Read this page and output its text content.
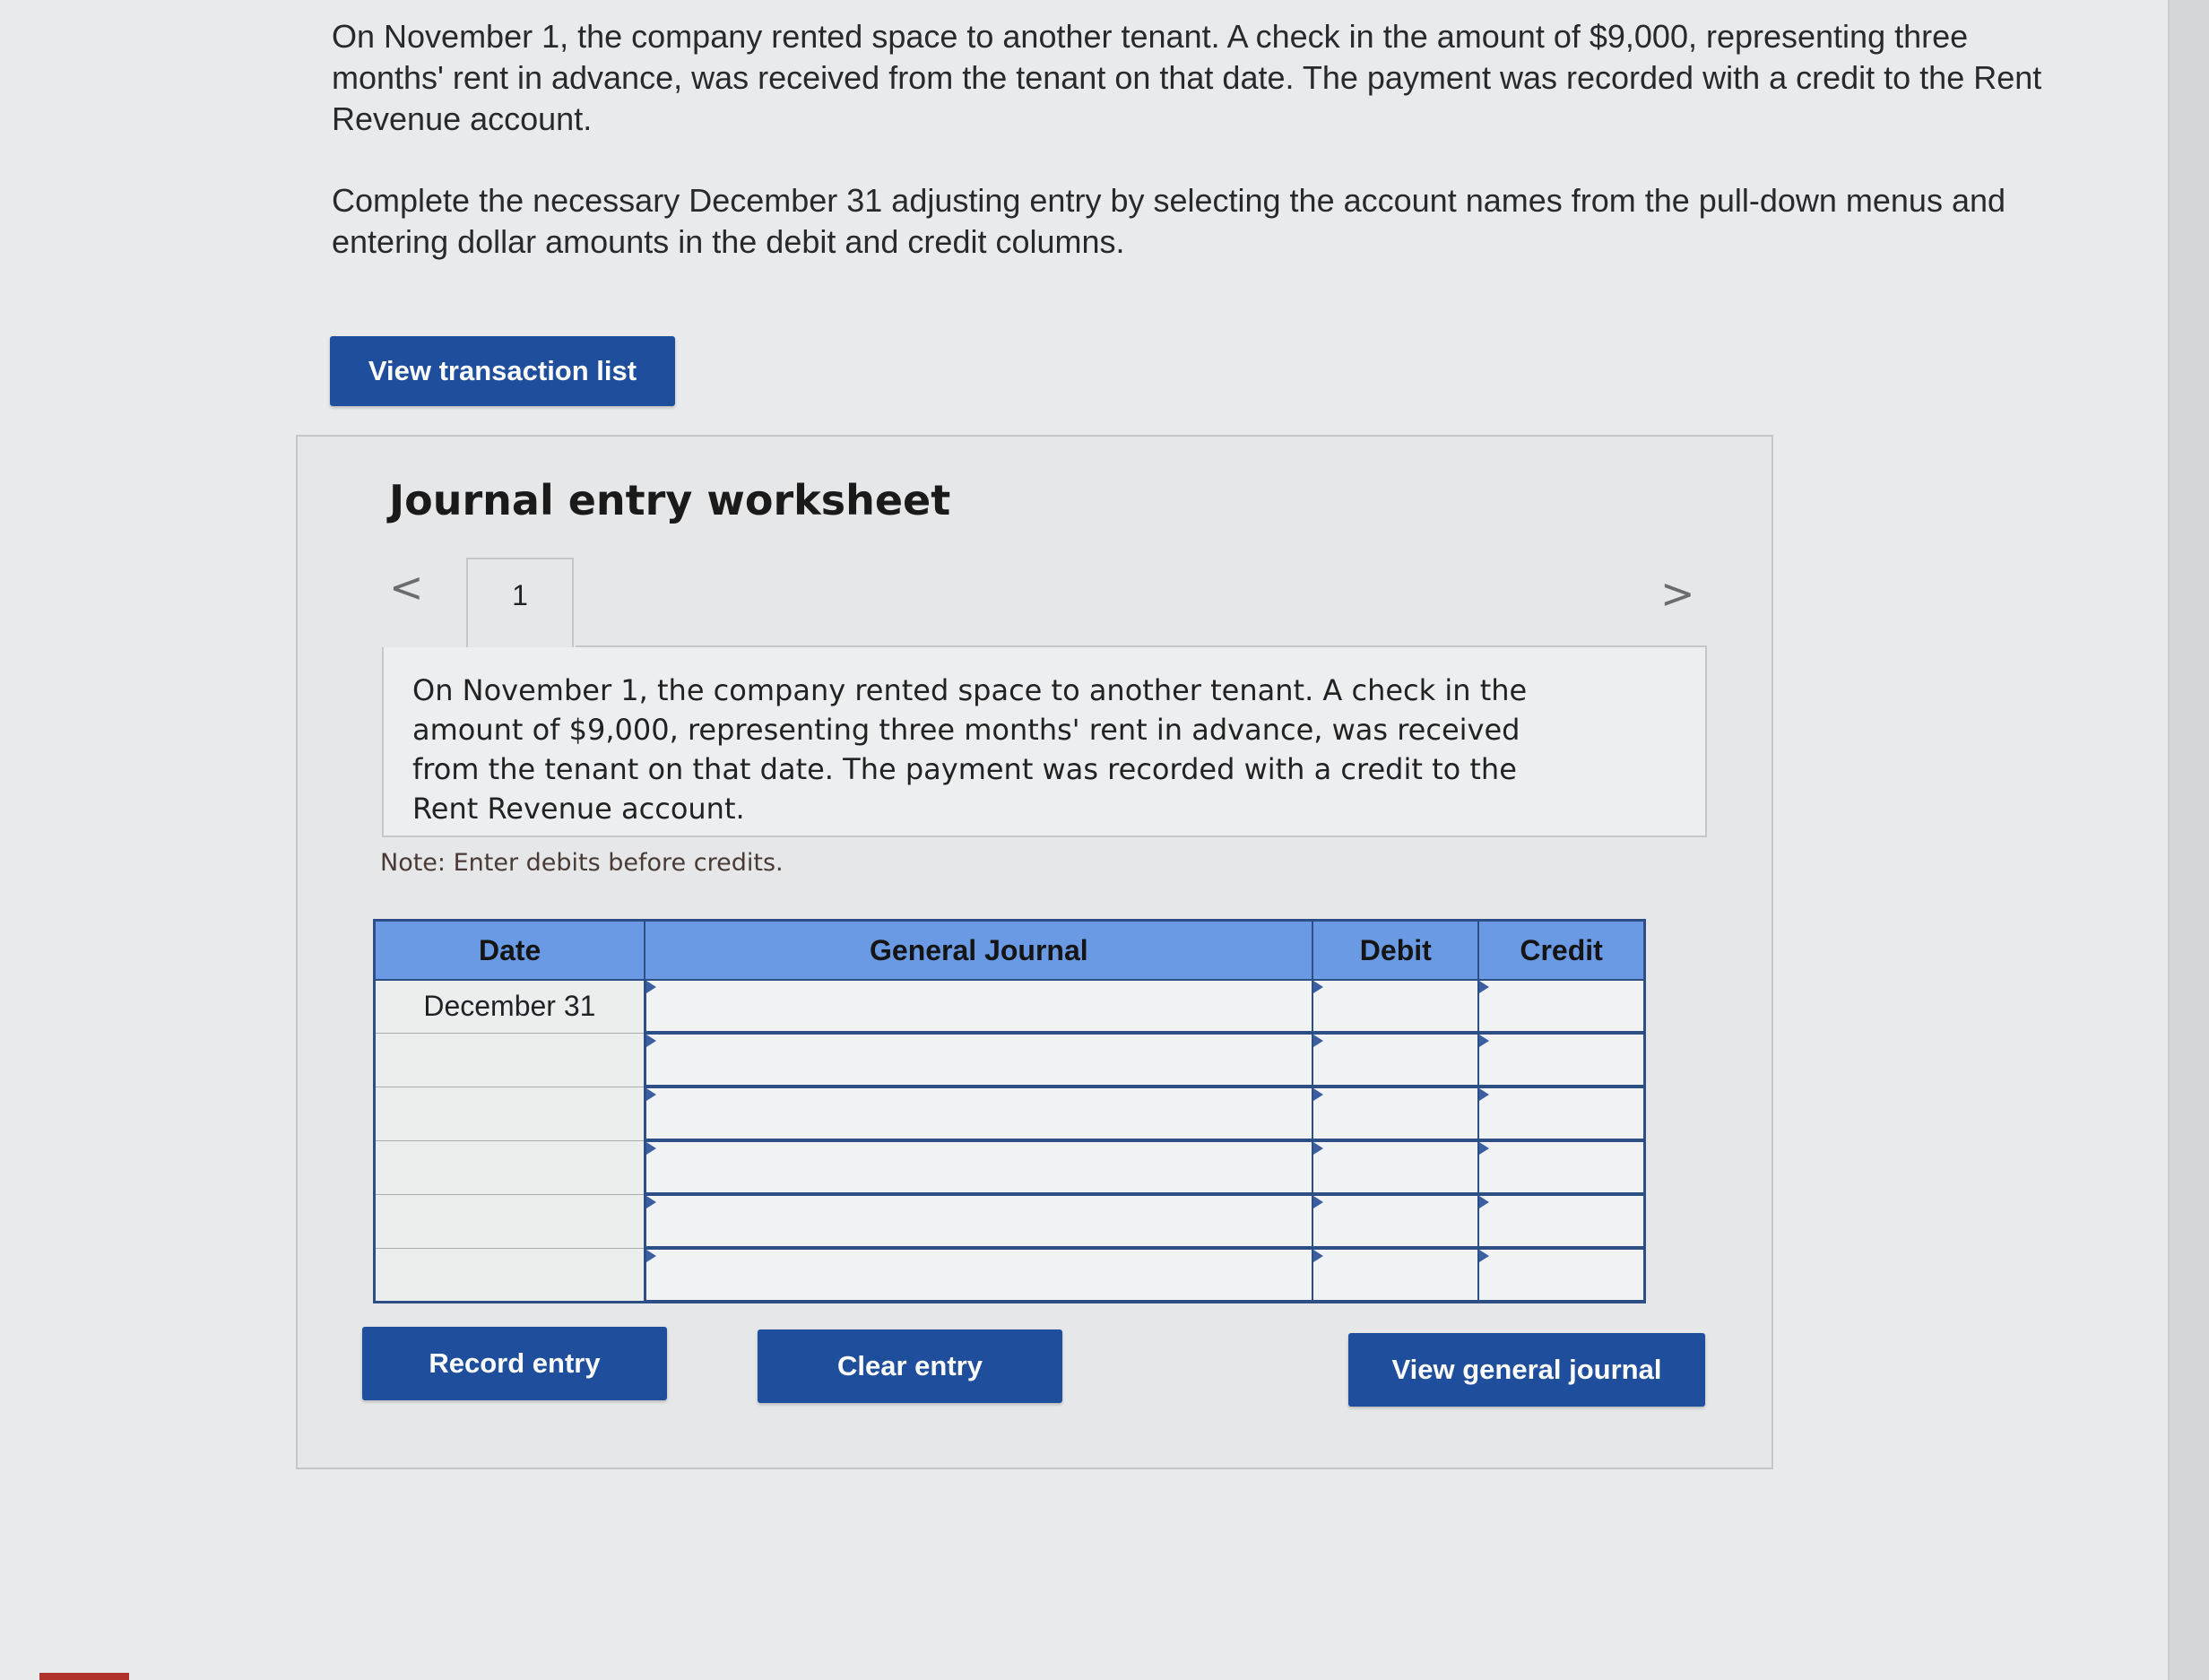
On November 1, the company rented space to another tenant. A check in the amount of $9,000, representing three months' rent in advance, was received from the tenant on that date. The payment was recorded with a credit to the Rent Revenue account.

Complete the necessary December 31 adjusting entry by selecting the account names from the pull-down menus and entering dollar amounts in the debit and credit columns.

View transaction list
Journal entry worksheet
<	1	>

On November 1, the company rented space to another tenant. A check in the amount of $9,000, representing three months' rent in advance, was received from the tenant on that date. The payment was recorded with a credit to the Rent Revenue account.

Note: Enter debits before credits.
Date	General Journal	Debit	Credit
December 31			

Record entry	Clear entry	View general journal
